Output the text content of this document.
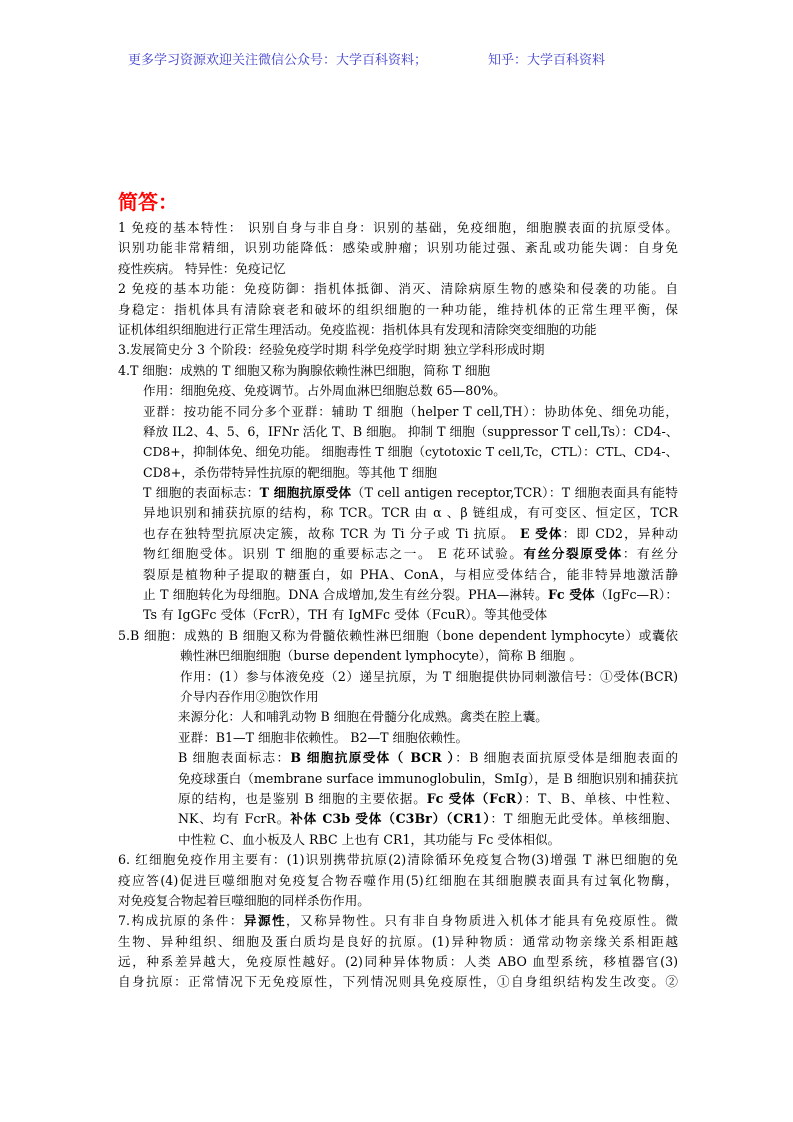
更多学习资源欢迎关注微信公众号：大学百科资料；	知乎：大学百科资料
简答：
1 免疫的基本特性： 识别自身与非自身：识别的基础，免疫细胞，细胞膜表面的抗原受体。
识别功能非常精细，识别功能降低：感染或肿瘤；识别功能过强、紊乱或功能失调：自身免
疫性疾病。 特异性：免疫记忆
2 免疫的基本功能：免疫防御：指机体抵御、消灭、清除病原生物的感染和侵袭的功能。自
身稳定：指机体具有清除衰老和破坏的组织细胞的一种功能，维持机体的正常生理平衡，保
证机体组织细胞进行正常生理活动。免疫监视：指机体具有发现和清除突变细胞的功能
3.发展简史分 3 个阶段：经验免疫学时期 科学免疫学时期 独立学科形成时期
4.T 细胞：成熟的 T 细胞又称为胸腺依赖性淋巴细胞，简称 T 细胞
作用：细胞免疫、免疫调节。占外周血淋巴细胞总数 65—80%。
亚群：按功能不同分多个亚群：辅助 T 细胞（helper T cell,TH）：协助体免、细免功能，
释放 IL2、4、5、6，IFNr 活化 T、B 细胞。 抑制 T 细胞（suppressor T cell,Ts）：CD4-、
CD8+，抑制体免、细免功能。 细胞毒性 T 细胞（cytotoxic T cell,Tc，CTL）：CTL、CD4-、
CD8+，杀伤带特异性抗原的靶细胞。等其他 T 细胞
T 细胞的表面标志：T 细胞抗原受体（T cell antigen receptor,TCR）：T 细胞表面具有能特
异地识别和捕获抗原的结构，称 TCR。TCR 由 α 、β 链组成，有可变区、恒定区，TCR
也存在独特型抗原决定簇，故称 TCR 为 Ti 分子或 Ti 抗原。 E 受体：即 CD2，异种动
物红细胞受体。识别 T 细胞的重要标志之一。 E 花环试验。有丝分裂原受体：有丝分
裂原是植物种子提取的糖蛋白，如 PHA、ConA，与相应受体结合，能非特异地激活静
止 T 细胞转化为母细胞。DNA 合成增加,发生有丝分裂。PHA—淋转。Fc 受体（IgFc—R）：
Ts 有 IgGFc 受体（FcrR），TH 有 IgMFc 受体（FcuR）。等其他受体
5.B 细胞：成熟的 B 细胞又称为骨髓依赖性淋巴细胞（bone dependent lymphocyte）或囊依
赖性淋巴细胞细胞（burse dependent lymphocyte），简称 B 细胞 。
作用：(1）参与体液免疫（2）递呈抗原，为 T 细胞提供协同刺激信号：①受体(BCR)
介导内吞作用②胞饮作用
来源分化：人和哺乳动物 B 细胞在骨髓分化成熟。禽类在腔上囊。
亚群：B1—T 细胞非依赖性。 B2—T 细胞依赖性。
B 细胞表面标志：B 细胞抗原受体（ BCR ）：B 细胞表面抗原受体是细胞表面的
免疫球蛋白（membrane surface immunoglobulin，SmIg），是 B 细胞识别和捕获抗
原的结构，也是鉴别 B 细胞的主要依据。Fc 受体（FcR）：T、B、单核、中性粒、
NK、均有 FcrR。补体 C3b 受体（C3Br）（CR1）：T 细胞无此受体。单核细胞、
中性粒 C、血小板及人 RBC 上也有 CR1，其功能与 Fc 受体相似。
6. 红细胞免疫作用主要有：(1)识别携带抗原(2)清除循环免疫复合物(3)增强 T 淋巴细胞的免
疫应答(4)促进巨噬细胞对免疫复合物吞噬作用(5)红细胞在其细胞膜表面具有过氧化物酶，
对免疫复合物起着巨噬细胞的同样杀伤作用。
7.构成抗原的条件：异源性，又称异物性。只有非自身物质进入机体才能具有免疫原性。微
生物、异种组织、细胞及蛋白质均是良好的抗原。(1)异种物质：通常动物亲缘关系相距越
远，种系差异越大，免疫原性越好。(2)同种异体物质：人类 ABO 血型系统，移植器官(3)
自身抗原：正常情况下无免疫原性，下列情况则具免疫原性，①自身组织结构发生改变。②
